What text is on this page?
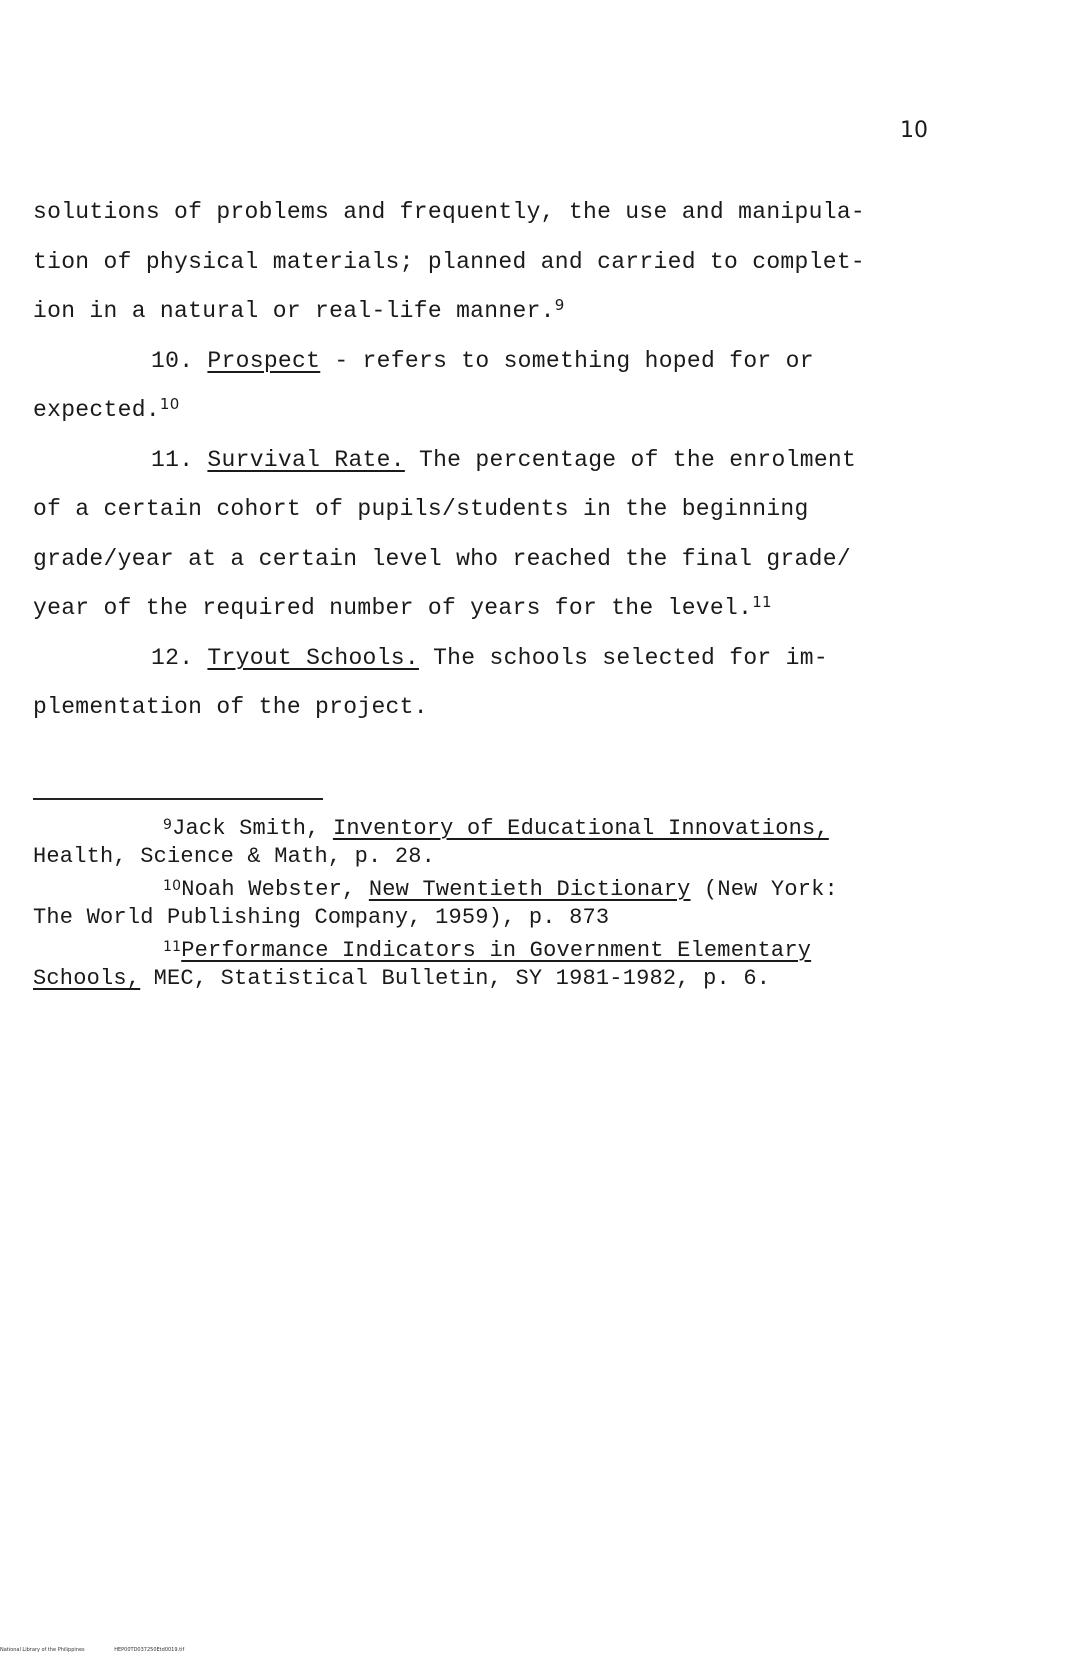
10
solutions of problems and frequently, the use and manipula-
tion of physical materials; planned and carried to complet-
ion in a natural or real-life manner.$^9$
10. Prospect - refers to something hoped for or
expected.$^{10}$
11. Survival Rate. The percentage of the enrolment
of a certain cohort of pupils/students in the beginning
grade/year at a certain level who reached the final grade/
year of the required number of years for the level.$^{11}$
12. Tryout Schools. The schools selected for im-
plementation of the project.
$^9$Jack Smith, Inventory of Educational Innovations,
Health, Science & Math, p. 28.
$^{10}$Noah Webster, New Twentieth Dictionary (New York:
The World Publishing Company, 1959), p. 873
$^{11}$Performance Indicators in Government Elementary
Schools, MEC, Statistical Bulletin, SY 1981-1982, p. 6.
National Library of the Philippines	HEP00TD037250Etd0019.tif
